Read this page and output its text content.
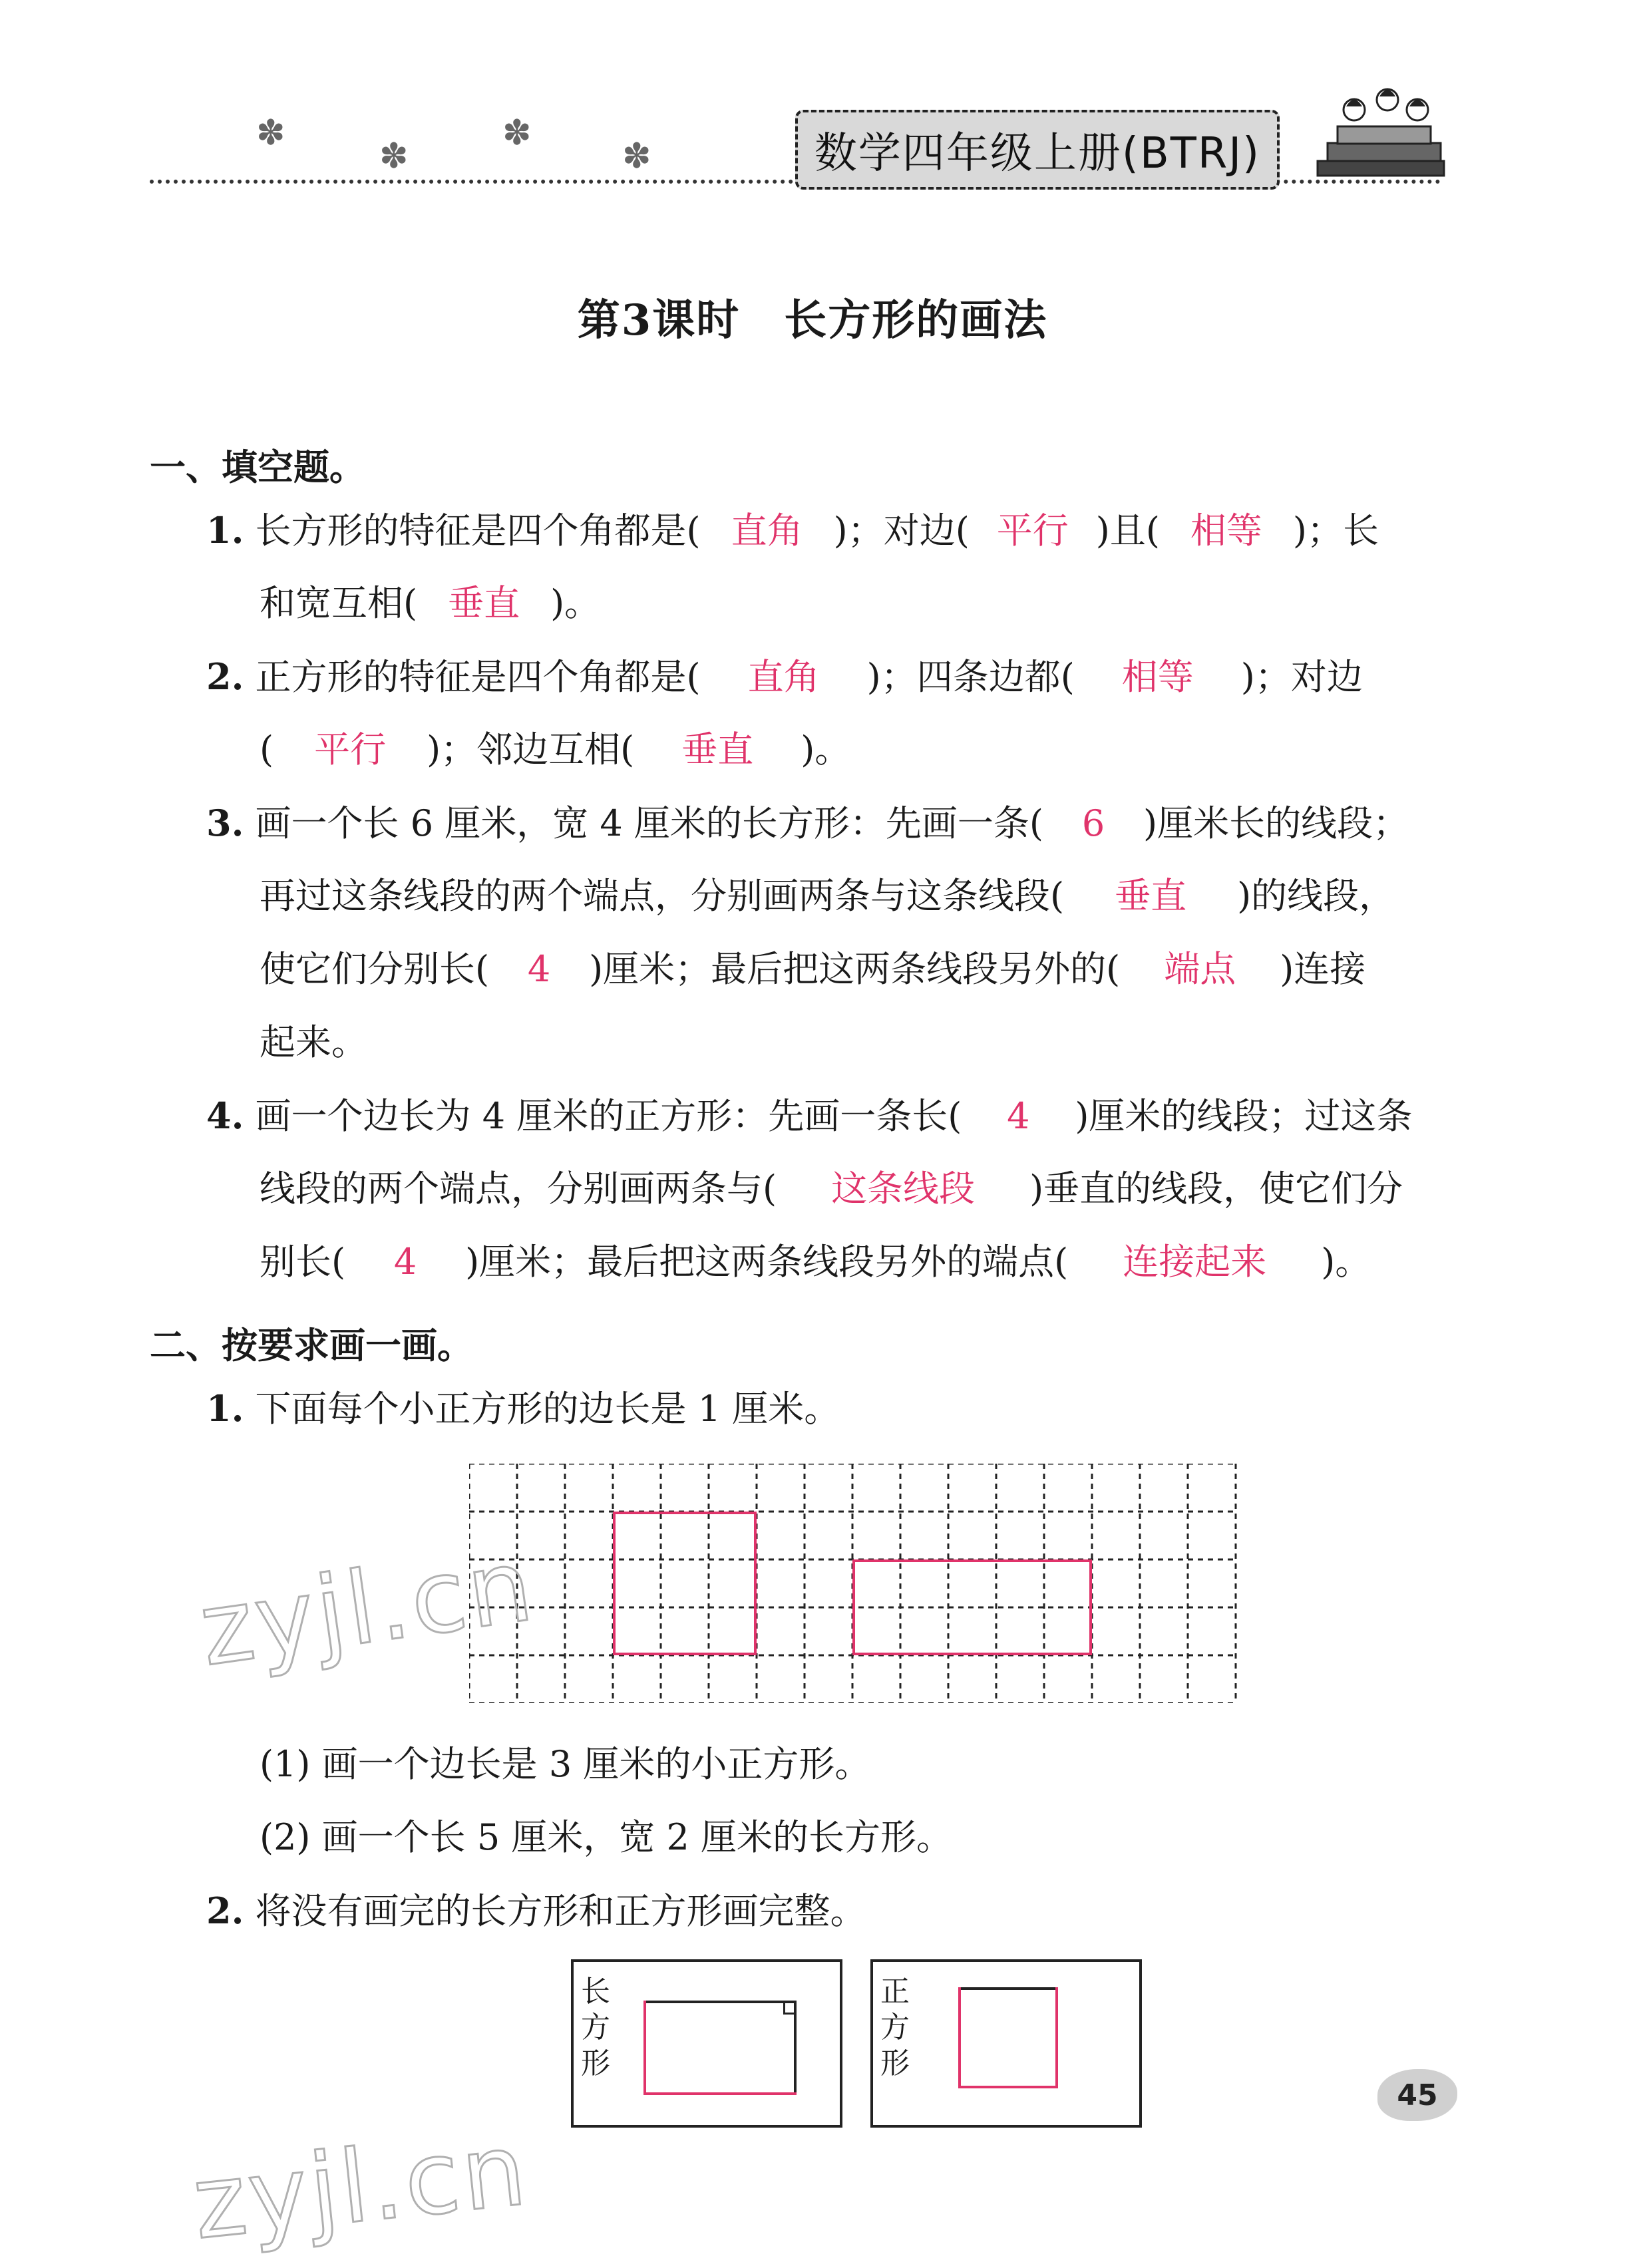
✽
✽
✽
✽	数学四年级上册(BTRJ)
第3课时　长方形的画法
一、填空题。
1. 长方形的特征是四个角都是( 直角 )；对边( 平行 )且( 相等 )；长
和宽互相( 垂直 )。
2. 正方形的特征是四个角都是( 直角 )；四条边都( 相等 )；对边
( 平行 )；邻边互相( 垂直 )。
3. 画一个长 6 厘米，宽 4 厘米的长方形：先画一条( 6 )厘米长的线段；
再过这条线段的两个端点，分别画两条与这条线段( 垂直 )的线段，
使它们分别长( 4 )厘米；最后把这两条线段另外的( 端点 )连接
起来。
4. 画一个边长为 4 厘米的正方形：先画一条长( 4 )厘米的线段；过这条
线段的两个端点，分别画两条与( 这条线段 )垂直的线段，使它们分
别长( 4 )厘米；最后把这两条线段另外的端点( 连接起来 )。
二、按要求画一画。
1. 下面每个小正方形的边长是 1 厘米。
(1) 画一个边长是 3 厘米的小正方形。
(2) 画一个长 5 厘米，宽 2 厘米的长方形。
2. 将没有画完的长方形和正方形画完整。
长
方
形
正
方
形
zyjl.cn
zyjl.cn
45
